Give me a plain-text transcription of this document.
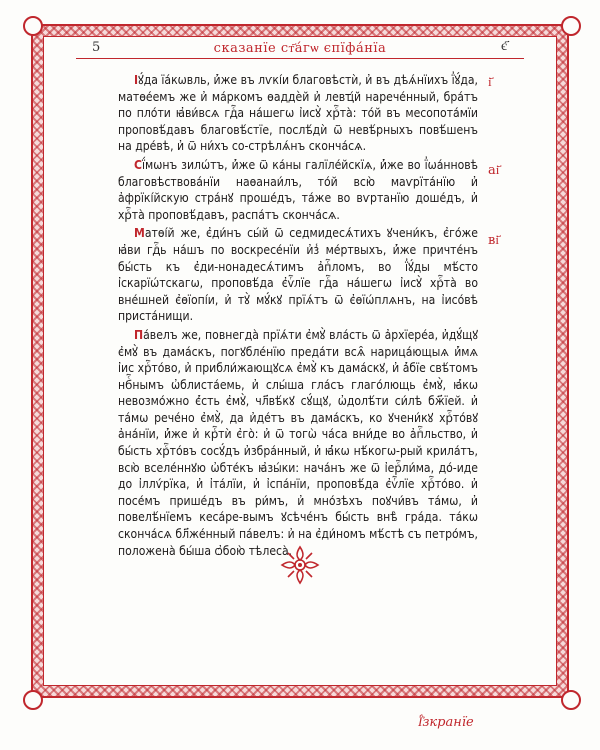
5	сказанїе ст҃а́гѡ єпїфа́нїа	є҃
і҃
аі҃
ві҃

Іꙋ́да їа́кѡвль, и҆́же въ лѵкі́и благовѣстѝ, и҆ въ дѣѧ́нїихъ ї҆ꙋ́да, матѳе́емъ же и҆ ма́ркомъ ѳаддѐй и҆ левҵ́й нарече́нный, бра́тъ по пло́ти ꙗ҆ви́всѧ гдⷭ҇а на́шегѡ і҆исꙋ̀ хрⷭ҇та̀: то́й въ месопота́мїи проповѣ́давъ благовѣ́стїе, послѣ́дѝ ѿ невѣ́рныхъ повѣ́шенъ на дре́вѣ, и҆ ѿ ни́хъ со-стрѣлѧ́нъ сконча́сѧ.

Сї́мѡнъ зилѡ́тъ, и҆́же ѿ ка́ны галїле́йскїѧ, и҆́же во ї҆ѡа́нновѣ благовѣствова́нїи наѳанаи́лъ, то́й всю̀ маѵрїта́нїю и҆ а҆фрїкі́йскую стра́нꙋ проше́дъ, та́же во вѵртанїю доше́дъ, и҆ хрⷭ҇та̀ проповѣ́давъ, распа́тъ сконча́сѧ.

Матѳі́й же, є҆ди́нъ сы́й ѿ седмидесѧ́тихъ ꙋчени́къ, є҆го́же ꙗ҆ви гдⷭ҇ь на́шъ по воскресе́нїи и҆з̾ ме́ртвыхъ, и҆́же причте́нъ бы́сть къ є҆ди-нонадесѧ́тимъ а҆пⷭ҇ломъ, во ї҆ꙋ́ды мѣ́сто і҆скарїѡ́тскагѡ, проповѣ́да є҆ѵⷢ҇лїе гдⷭ҇а на́шегѡ і҆исꙋ̀ хрⷭ҇та̀ во вне́шней є҆ѳїопі́и, и҆ тꙋ̀ мꙋ́кꙋ прїѧ́тъ ѿ є҆ѳїѡ́плѧнъ, на і҆исо́вѣ приста́нищи.

Па́велъ же, повнегда̀ прїѧ́ти є҆мꙋ̀ вла́сть ѿ а҆рхїере́а, и҆дꙋ́щꙋ є҆мꙋ̀ въ дама́скъ, погꙋбле́нїю преда́ти всѧ̑ нарица́ющыѧ и҆́мѧ і҆ис хрⷭ҇то́во, и҆ прибли́жающꙋсѧ є҆мꙋ̀ къ дама́скꙋ, и҆ а҆́бїе свѣ́томъ нбⷭ҇нымъ ѡ҆блиста́емь, и҆ слы́ша гла́съ глаго́лющь є҆мꙋ̀, ꙗ҆́кѡ невозмо́жно є҆́сть є҆мꙋ̀, чл҃вѣ́кꙋ сꙋ́щꙋ, ѡ҆долѣ́ти си́лѣ бж҃їей. и҆ та́мѡ рече́но є҆мꙋ̀, да и҆де́тъ въ дама́скъ, ко ꙋчени́кꙋ хрⷭ҇то́вꙋ а҆на́нїи, и҆́же и҆ крⷭ҇тѝ є҆го̀: и҆ ѿ тогѡ̀ ча́са вни́де во а҆пⷭ҇льство, и҆ бы́сть хрⷭ҇то́въ сосꙋ́дъ и҆збра́нный, и҆ ꙗ҆́кѡ нѣ́когѡ-рый крила́тъ, всю̀ вселе́ннꙋю ѡ҆бте́къ ꙗ҆зы́ки: нача́нъ же ѿ і҆ерⷭ҇ли́ма, до́-иде до і҆ллѵ́рїка, и҆ і҆та́лїи, и҆ і҆спа́нїи, проповѣ́да є҆ѵⷢ҇лїе хрⷭ҇то́во. и҆ посе́мъ прише́дъ въ ри́мъ, и҆ мно́зѣхъ поꙋчи́въ та́мѡ, и҆ повелѣ́нїемъ кеса́ре-вымъ ꙋсѣче́нъ бы́сть внѣ̀ гра́да. та́кѡ сконча́сѧ бл҃же́нный па́велъ: и҆ на є҆ди́номъ мѣ́стѣ съ петро́мъ, положена̀ бы́ша ѻ҆бою̀ тѣлеса̀.

Ї҆́зкранїе
